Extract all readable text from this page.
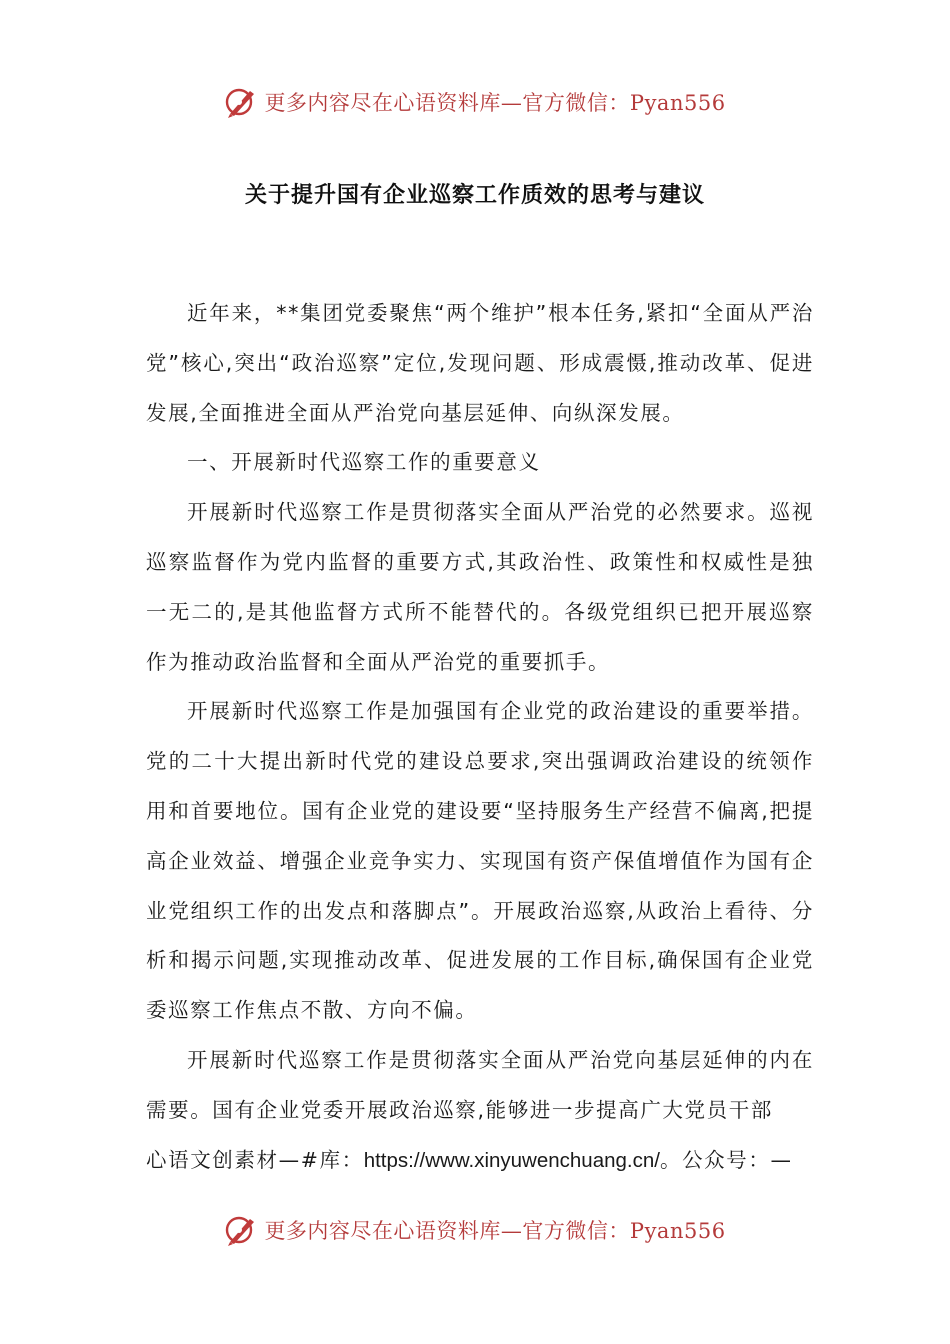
更多内容尽在心语资料库—官方微信：Pyan556
关于提升国有企业巡察工作质效的思考与建议

近年来，**集团党委聚焦“两个维护”根本任务,紧扣“全面从严治党”核心,突出“政治巡察”定位,发现问题、形成震慑,推动改革、促进发展,全面推进全面从严治党向基层延伸、向纵深发展。

一、开展新时代巡察工作的重要意义

开展新时代巡察工作是贯彻落实全面从严治党的必然要求。巡视巡察监督作为党内监督的重要方式,其政治性、政策性和权威性是独一无二的,是其他监督方式所不能替代的。各级党组织已把开展巡察作为推动政治监督和全面从严治党的重要抓手。

开展新时代巡察工作是加强国有企业党的政治建设的重要举措。党的二十大提出新时代党的建设总要求,突出强调政治建设的统领作用和首要地位。国有企业党的建设要“坚持服务生产经营不偏离,把提高企业效益、增强企业竞争实力、实现国有资产保值增值作为国有企业党组织工作的出发点和落脚点”。开展政治巡察,从政治上看待、分析和揭示问题,实现推动改革、促进发展的工作目标,确保国有企业党委巡察工作焦点不散、方向不偏。

开展新时代巡察工作是贯彻落实全面从严治党向基层延伸的内在需要。国有企业党委开展政治巡察,能够进一步提高广大党员干部

心语文创素材—#库：https://www.xinyuwenchuang.cn/。公众号：—

更多内容尽在心语资料库—官方微信：Pyan556
